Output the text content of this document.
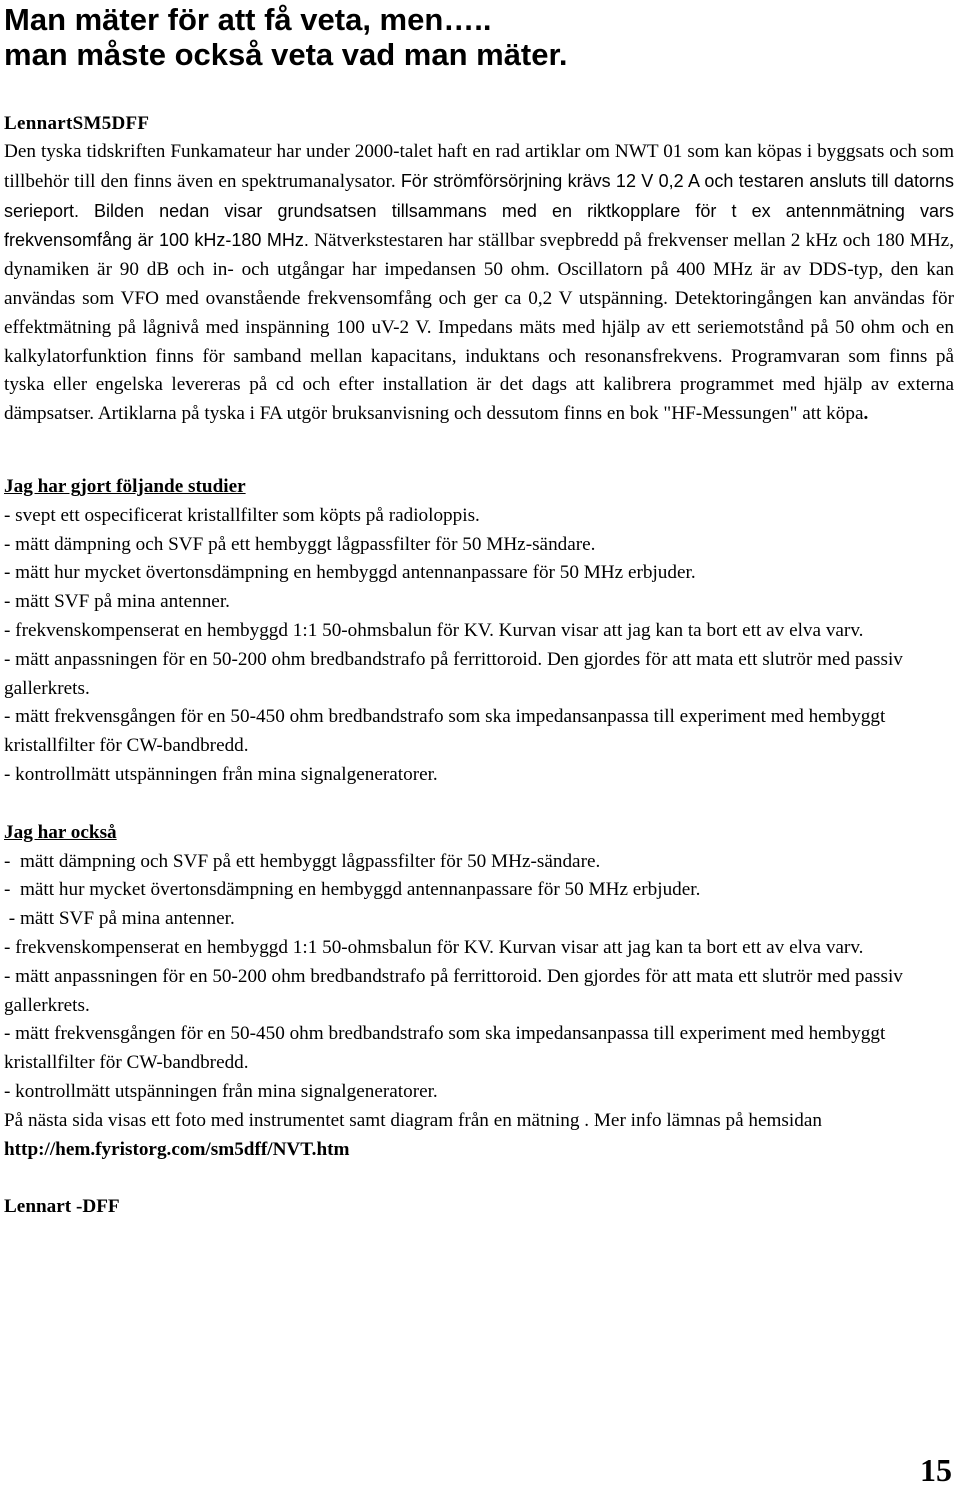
Man mäter för att få veta, men…..
man måste också veta vad man mäter.
LennartSM5DFF
Den tyska tidskriften Funkamateur har under 2000-talet haft en rad artiklar om NWT 01 som kan köpas i byggsats och som tillbehör till den finns även en spektrumanalysator. För strömförsörjning krävs 12 V 0,2 A och testaren ansluts till datorns serieport. Bilden nedan visar grundsatsen tillsammans med en riktkopplare för t ex antennmätning vars frekvensomfång är 100 kHz-180 MHz. Nätverkstestaren har ställbar svepbredd på frekvenser mellan 2 kHz och 180 MHz, dynamiken är 90 dB och in- och utgångar har impedansen 50 ohm. Oscillatorn på 400 MHz är av DDS-typ, den kan användas som VFO med ovanstående frekvensomfång och ger ca 0,2 V utspänning. Detektoringången kan användas för effektmätning på lågnivå med inspänning 100 uV-2 V. Impedans mäts med hjälp av ett seriemotstånd på 50 ohm och en kalkylatorfunktion finns för samband mellan kapacitans, induktans och resonansfrekvens. Programvaran som finns på tyska eller engelska levereras på cd och efter installation är det dags att kalibrera programmet med hjälp av externa dämpsatser. Artiklarna på tyska i FA utgör bruksanvisning och dessutom finns en bok "HF-Messungen" att köpa.
Jag har gjort följande studier
- svept ett ospecificerat kristallfilter som köpts på radioloppis.
- mätt dämpning och SVF på ett hembyggt lågpassfilter för 50 MHz-sändare.
- mätt hur mycket övertonsdämpning en hembyggd antennanpassare för 50 MHz erbjuder.
- mätt SVF på mina antenner.
- frekvenskompenserat en hembyggd 1:1 50-ohmsbalun för KV. Kurvan visar att jag kan ta bort ett av elva varv.
- mätt anpassningen för en 50-200 ohm bredbandstrafo på ferrittoroid. Den gjordes för att mata ett slutrör med passiv gallerkrets.
- mätt frekvensgången för en 50-450 ohm bredbandstrafo som ska impedansanpassa till experiment med hembyggt kristallfilter för CW-bandbredd.
- kontrollmätt utspänningen från mina signalgeneratorer.
Jag har också
-  mätt dämpning och SVF på ett hembyggt lågpassfilter för 50 MHz-sändare.
-  mätt hur mycket övertonsdämpning en hembyggd antennanpassare för 50 MHz erbjuder.
- mätt SVF på mina antenner.
- frekvenskompenserat en hembyggd 1:1 50-ohmsbalun för KV. Kurvan visar att jag kan ta bort ett av elva varv.
- mätt anpassningen för en 50-200 ohm bredbandstrafo på ferrittoroid. Den gjordes för att mata ett slutrör med passiv gallerkrets.
- mätt frekvensgången för en 50-450 ohm bredbandstrafo som ska impedansanpassa till experiment med hembyggt kristallfilter för CW-bandbredd.
- kontrollmätt utspänningen från mina signalgeneratorer.
På nästa sida visas ett foto med instrumentet samt diagram från en mätning . Mer info lämnas på hemsidan  http://hem.fyristorg.com/sm5dff/NVT.htm
Lennart -DFF
15
